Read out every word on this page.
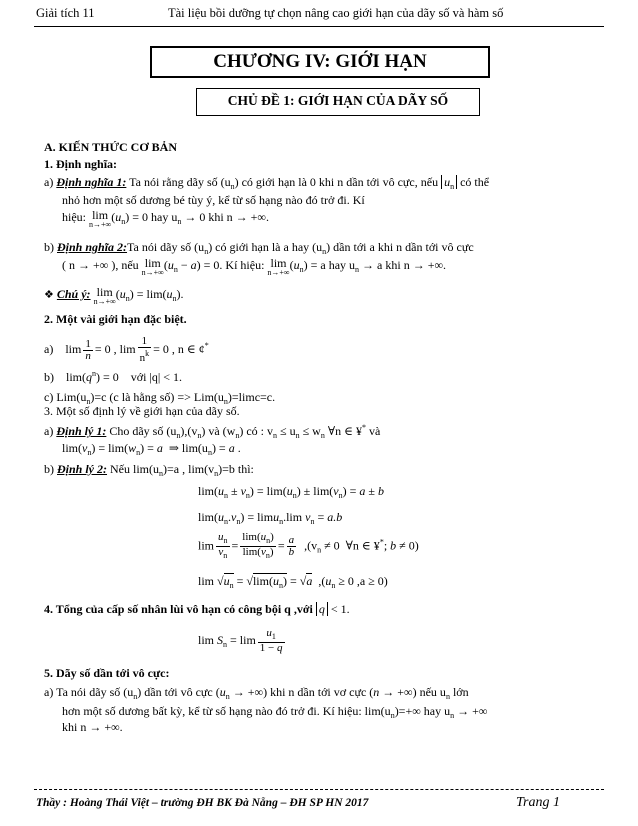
Giải tích 11	Tài liệu bồi dưỡng tự chọn nâng cao giới hạn của dãy số và hàm số
CHƯƠNG IV: GIỚI HẠN
CHỦ ĐỀ 1: GIỚI HẠN CỦA DÃY SỐ
A. KIẾN THỨC CƠ BẢN
1. Định nghĩa:
a) Định nghĩa 1: Ta nói rằng dãy số $(u_n)$ có giới hạn là 0 khi n dần tới vô cực, nếu $u_n$ có thể
nhỏ hơn một số dương bé tùy ý, kể từ số hạng nào đó trở đi. Kí
hiệu: lim
n→+∞
$(u_n) = 0$ hay $u_n \to 0$ khi n → +∞.
b) Định nghĩa 2:Ta nói dãy số $(u_n)$ có giới hạn là a hay $(u_n)$ dần tới a khi n dần tới vô cực
( n → +∞ ), nếu lim
n→+∞
$(u_n - a) = 0$. Kí hiệu: lim
n→+∞
$(u_n) = a$ hay $u_n \to a$ khi n → +∞.
❖ Chú ý: lim
n→+∞
$(u_n) = \lim(u_n)$.
2. Một vài giới hạn đặc biệt.
a)    $\lim \frac{1}{n} = 0$ , $\lim \frac{1}{n^k} = 0$ , n ∈ ¢*
b)    $\lim(q^n) = 0$    với |q| < 1.
c) $Lim(u_n)=c$ (c là hằng số) => $Lim(u_n)=\lim c=c$.
3. Một số định lý về giới hạn của dãy số.
a) Định lý 1: Cho dãy số $(u_n),(v_n)$ và $(w_n)$ có : $v_n \le u_n \le w_n$ ∀n ∈ ¥* và
$\lim(v_n) = \lim(w_n) = a$  ⇒ $\lim(u_n) = a$ .
b) Định lý 2: Nếu $\lim(u_n)=a$ , $\lim(v_n)=b$ thì:
$\lim(u_n \pm v_n) = \lim(u_n) \pm \lim(v_n) = a \pm b$
$\lim(u_n.v_n) = \lim u_n.\lim$ $v_n = a.b$
$\lim \frac{u_n}{v_n} = \frac{\lim(u_n)}{\lim(v_n)} = \frac{a}{b} ,(v_n \ne 0$  ∀n ∈ ¥*; b ≠ 0)
$\lim √u_n = √\lim(u_n) = √a$  $,(u_n \ge 0$ ,a ≥ 0)
4. Tổng của cấp số nhân lùi vô hạn có công bội q ,với q < 1.
$\lim S_n = \lim \frac{u_1}{1 - q}$
5. Dãy số dần tới vô cực:
a) Ta nói dãy số $(u_n)$ dần tới vô cực ($u_n$ → +∞) khi n dần tới vơ cực (n → +∞) nếu $u_n$ lớn
hơn một số dương bất kỳ, kể từ số hạng nào đó trở đi. Kí hiệu: $\lim(u_n)=+\infty$ hay $u_n$ → +∞
khi n → +∞.
Thầy : Hoàng Thái Việt – trường ĐH BK Đà Nẵng – ĐH SP HN 2017	Trang 1
